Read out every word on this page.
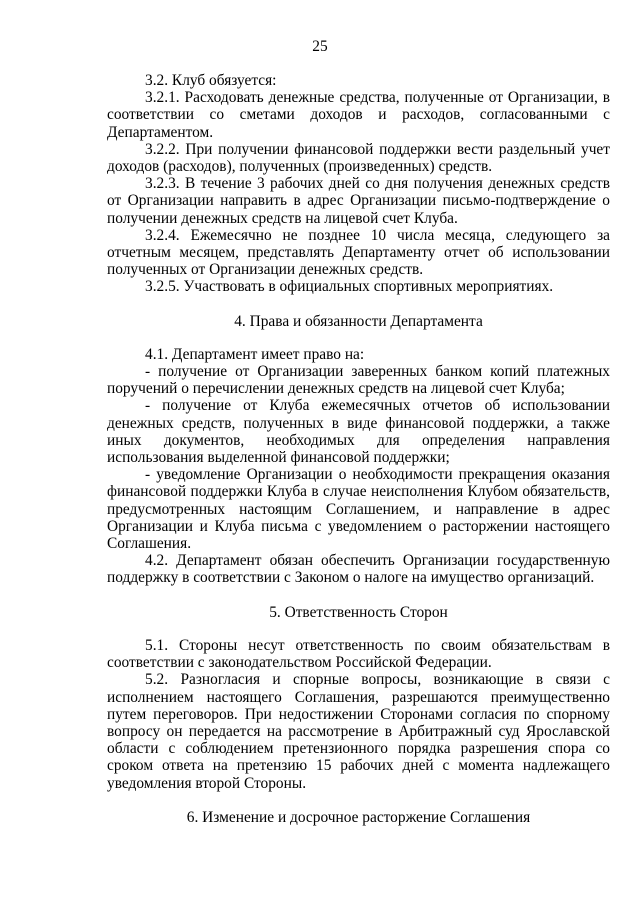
25

3.2. Клуб обязуется:

3.2.1. Расходовать денежные средства, полученные от Организации, в соответствии со сметами доходов и расходов, согласованными с Департаментом.

3.2.2. При получении финансовой поддержки вести раздельный учет доходов (расходов), полученных (произведенных) средств.

3.2.3. В течение 3 рабочих дней со дня получения денежных средств от Организации направить в адрес Организации письмо-подтверждение о получении денежных средств на лицевой счет Клуба.

3.2.4. Ежемесячно не позднее 10 числа месяца, следующего за отчетным месяцем, представлять Департаменту отчет об использовании полученных от Организации денежных средств.

3.2.5. Участвовать в официальных спортивных мероприятиях.

4. Права и обязанности Департамента

4.1. Департамент имеет право на:

- получение от Организации заверенных банком копий платежных поручений о перечислении денежных средств на лицевой счет Клуба;

- получение от Клуба ежемесячных отчетов об использовании денежных средств, полученных в виде финансовой поддержки, а также иных документов, необходимых для определения направления использования выделенной финансовой поддержки;

- уведомление Организации о необходимости прекращения оказания финансовой поддержки Клуба в случае неисполнения Клубом обязательств, предусмотренных настоящим Соглашением, и направление в адрес Организации и Клуба письма с уведомлением о расторжении настоящего Соглашения.

4.2. Департамент обязан обеспечить Организации государственную поддержку в соответствии с Законом о налоге на имущество организаций.

5. Ответственность Сторон

5.1. Стороны несут ответственность по своим обязательствам в соответствии с законодательством Российской Федерации.

5.2. Разногласия и спорные вопросы, возникающие в связи с исполнением настоящего Соглашения, разрешаются преимущественно путем переговоров. При недостижении Сторонами согласия по спорному вопросу он передается на рассмотрение в Арбитражный суд Ярославской области с соблюдением претензионного порядка разрешения спора со сроком ответа на претензию 15 рабочих дней с момента надлежащего уведомления второй Стороны.

6. Изменение и досрочное расторжение Соглашения
